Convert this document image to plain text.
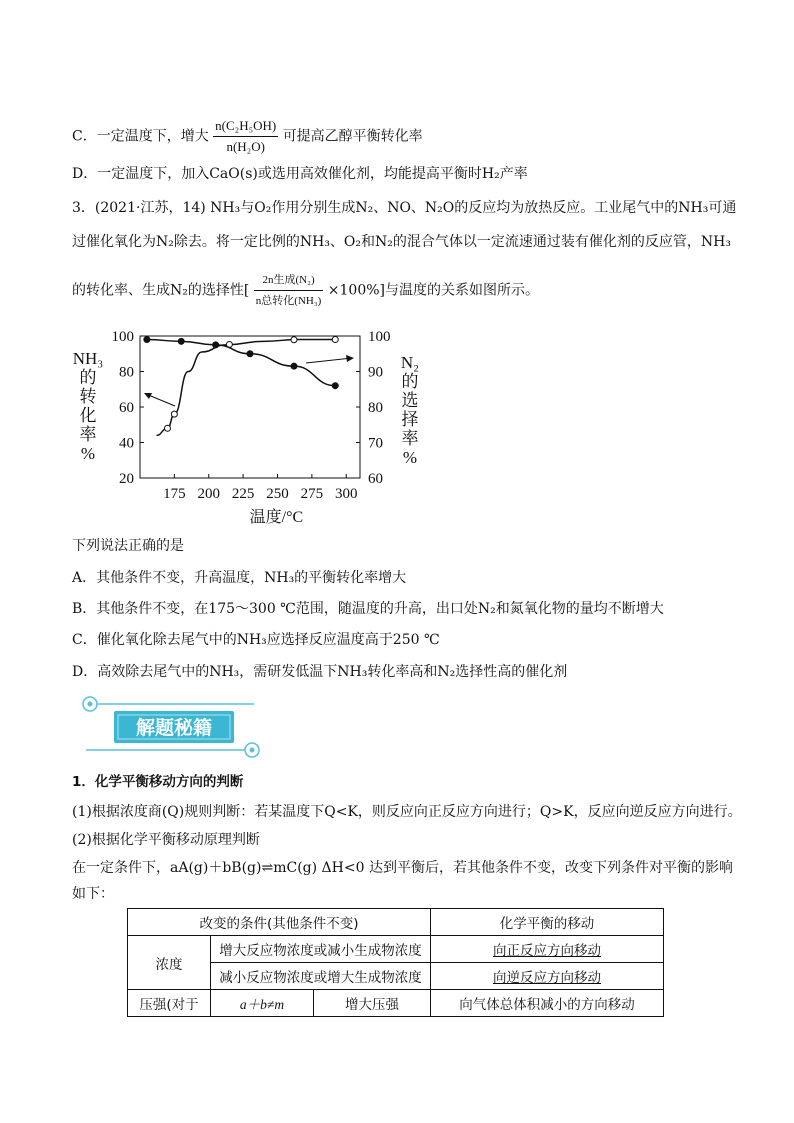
C．一定温度下，增大 $\frac{\text{n(C₂H₅OH)}}{\text{n(H₂O)}}$ 可提高乙醇平衡转化率
D．一定温度下，加入CaO(s)或选用高效催化剂，均能提高平衡时H₂产率
3．(2021·江苏，14) NH₃与O₂作用分别生成N₂、NO、N₂O的反应均为放热反应。工业尾气中的NH₃可通
过催化氧化为N₂除去。将一定比例的NH₃、O₂和N₂的混合气体以一定流速通过装有催化剂的反应管，NH₃
的转化率、生成N₂的选择性[ $\frac{\text{2n生成(N₂)}}{\text{n总转化(NH₃)}} \times 100\%$]与温度的关系如图所示。
20
40
60
80
100
60
70
80
90
100
175 200 225 250 275 300
NH₃
的
转
化
率
%
N₂
的
选
择
率
%
温度/°C
下列说法正确的是
A．其他条件不变，升高温度，NH₃的平衡转化率增大
B．其他条件不变，在175～300 ℃范围，随温度的升高，出口处N₂和氮氧化物的量均不断增大
C．催化氧化除去尾气中的NH₃应选择反应温度高于250 ℃
D．高效除去尾气中的NH₃，需研发低温下NH₃转化率高和N₂选择性高的催化剂
解题秘籍
1．化学平衡移动方向的判断
(1)根据浓度商(Q)规则判断：若某温度下Q<K，则反应向正反应方向进行；Q>K，反应向逆反应方向进行。
(2)根据化学平衡移动原理判断
在一定条件下，aA(g)＋bB(g)⇌mC(g) ΔH<0 达到平衡后，若其他条件不变，改变下列条件对平衡的影响
如下：
改变的条件(其他条件不变)			化学平衡的移动
浓度	增大反应物浓度或减小生成物浓度		向正反应方向移动
	减小反应物浓度或增大生成物浓度		向逆反应方向移动
压强(对于	a＋b≠m	增大压强	向气体总体积减小的方向移动
